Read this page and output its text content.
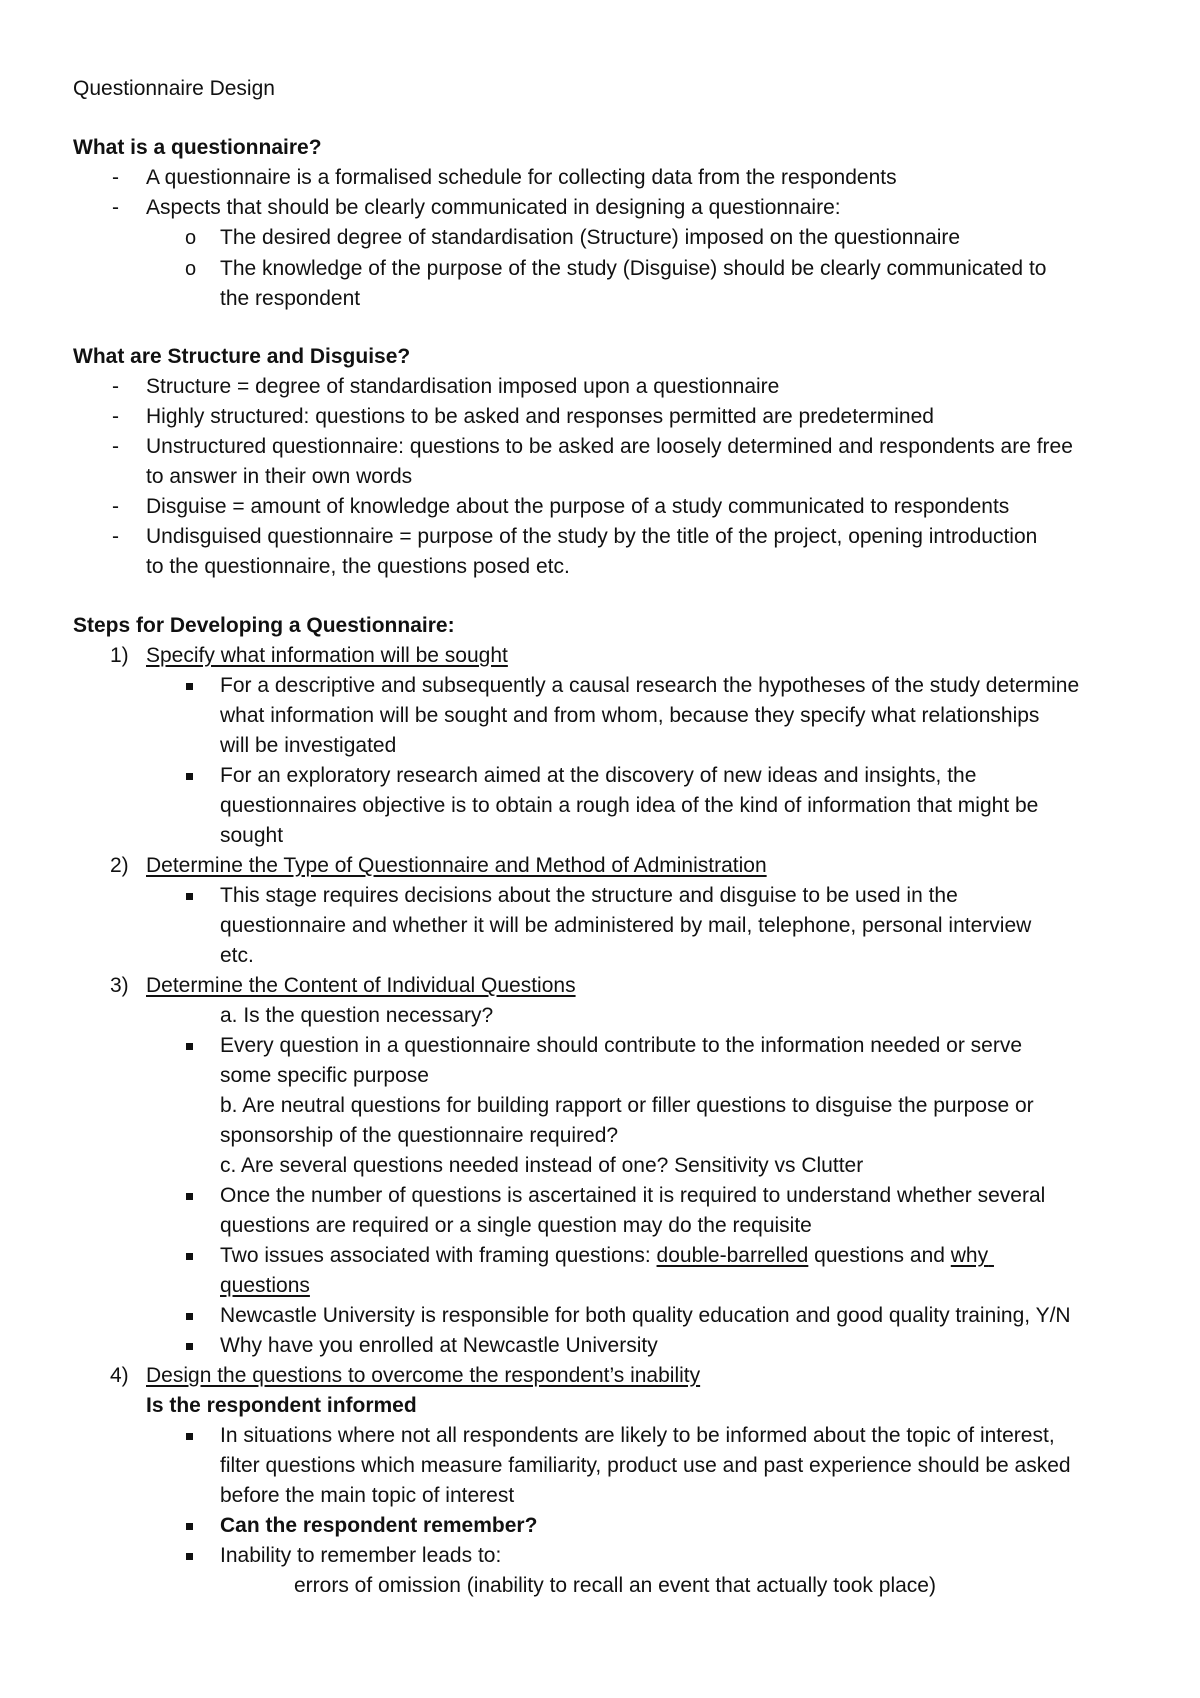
Questionnaire Design
What is a questionnaire?
- A questionnaire is a formalised schedule for collecting data from the respondents
- Aspects that should be clearly communicated in designing a questionnaire:
o The desired degree of standardisation (Structure) imposed on the questionnaire
o The knowledge of the purpose of the study (Disguise) should be clearly communicated to
the respondent
What are Structure and Disguise?
- Structure = degree of standardisation imposed upon a questionnaire
- Highly structured: questions to be asked and responses permitted are predetermined
- Unstructured questionnaire: questions to be asked are loosely determined and respondents are free
to answer in their own words
- Disguise = amount of knowledge about the purpose of a study communicated to respondents
- Undisguised questionnaire = purpose of the study by the title of the project, opening introduction
to the questionnaire, the questions posed etc.
Steps for Developing a Questionnaire:
1) Specify what information will be sought
For a descriptive and subsequently a causal research the hypotheses of the study determine
what information will be sought and from whom, because they specify what relationships
will be investigated
For an exploratory research aimed at the discovery of new ideas and insights, the
questionnaires objective is to obtain a rough idea of the kind of information that might be
sought
2) Determine the Type of Questionnaire and Method of Administration
This stage requires decisions about the structure and disguise to be used in the
questionnaire and whether it will be administered by mail, telephone, personal interview
etc.
3) Determine the Content of Individual Questions
a. Is the question necessary?
Every question in a questionnaire should contribute to the information needed or serve
some specific purpose
b. Are neutral questions for building rapport or filler questions to disguise the purpose or
sponsorship of the questionnaire required?
c. Are several questions needed instead of one? Sensitivity vs Clutter
Once the number of questions is ascertained it is required to understand whether several
questions are required or a single question may do the requisite
Two issues associated with framing questions: double-barrelled questions and why
questions
Newcastle University is responsible for both quality education and good quality training, Y/N
Why have you enrolled at Newcastle University
4) Design the questions to overcome the respondent’s inability
Is the respondent informed
In situations where not all respondents are likely to be informed about the topic of interest,
filter questions which measure familiarity, product use and past experience should be asked
before the main topic of interest
Can the respondent remember?
Inability to remember leads to:
errors of omission (inability to recall an event that actually took place)
